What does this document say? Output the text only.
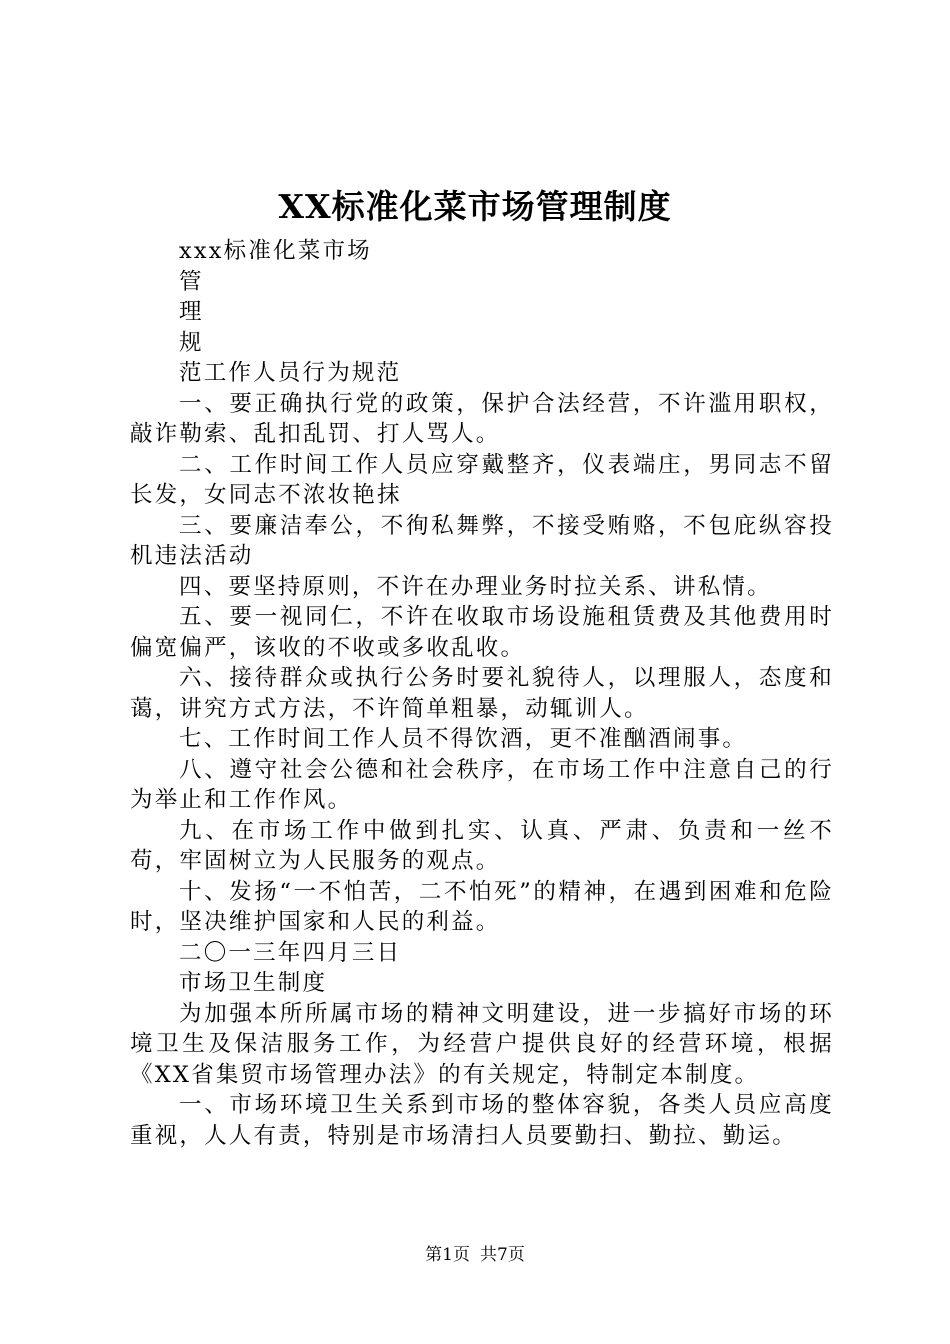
XX标准化菜市场管理制度

xxx标准化菜市场

管

理

规

范工作人员行为规范

一、要正确执行党的政策，保护合法经营，不许滥用职权，敲诈勒索、乱扣乱罚、打人骂人。

二、工作时间工作人员应穿戴整齐，仪表端庄，男同志不留长发，女同志不浓妆艳抹

三、要廉洁奉公，不徇私舞弊，不接受贿赂，不包庇纵容投机违法活动

四、要坚持原则，不许在办理业务时拉关系、讲私情。

五、要一视同仁，不许在收取市场设施租赁费及其他费用时偏宽偏严，该收的不收或多收乱收。

六、接待群众或执行公务时要礼貌待人，以理服人，态度和蔼，讲究方式方法，不许简单粗暴，动辄训人。

七、工作时间工作人员不得饮酒，更不准酗酒闹事。

八、遵守社会公德和社会秩序，在市场工作中注意自己的行为举止和工作作风。

九、在市场工作中做到扎实、认真、严肃、负责和一丝不苟，牢固树立为人民服务的观点。

十、发扬“一不怕苦，二不怕死”的精神，在遇到困难和危险时，坚决维护国家和人民的利益。

二〇一三年四月三日

市场卫生制度

为加强本所所属市场的精神文明建设，进一步搞好市场的环境卫生及保洁服务工作，为经营户提供良好的经营环境，根据《XX省集贸市场管理办法》的有关规定，特制定本制度。

一、市场环境卫生关系到市场的整体容貌，各类人员应高度重视，人人有责，特别是市场清扫人员要勤扫、勤拉、勤运。

第1页 共7页
